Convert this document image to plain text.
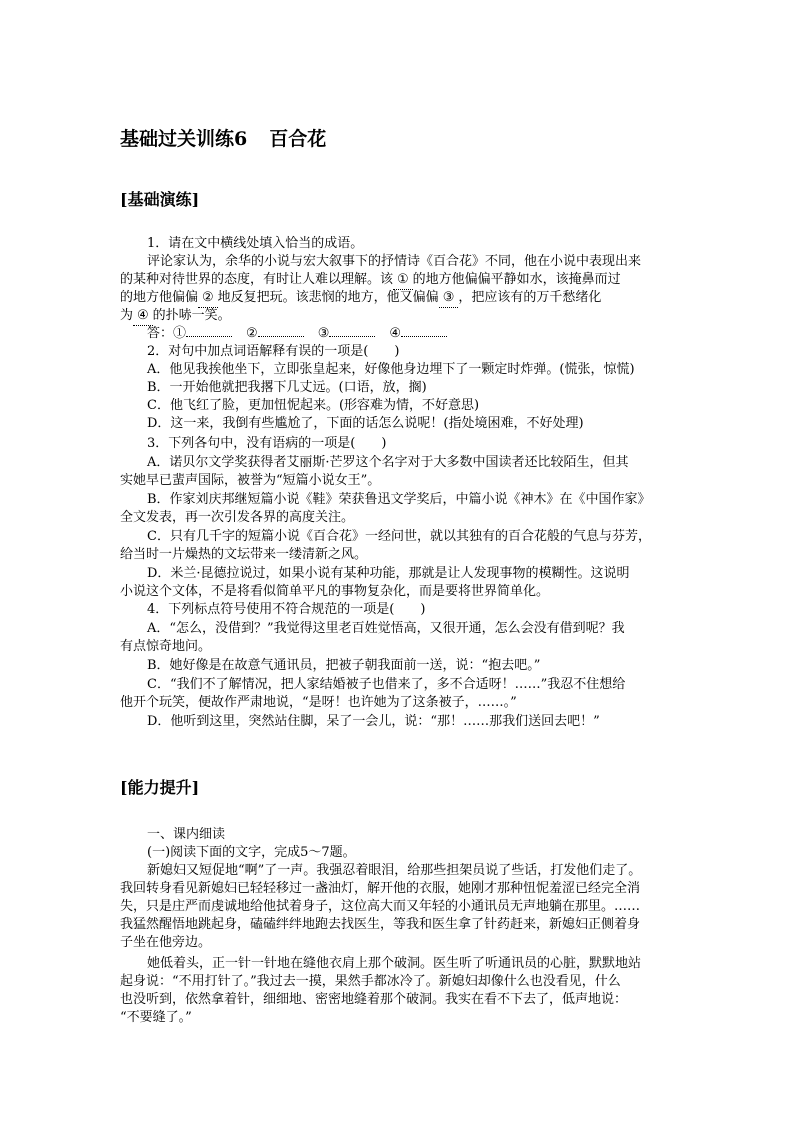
基础过关训练6 百合花
[基础演练]
1．请在文中横线处填入恰当的成语。
评论家认为，余华的小说与宏大叙事下的抒情诗《百合花》不同，他在小说中表现出来
的某种对待世界的态度，有时让人难以理解。该 ① 的地方他偏偏平静如水，该掩鼻而过
的地方他偏偏 ② 地反复把玩。该悲悯的地方，他又偏偏 ③ ，把应该有的万千愁绪化
为 ④ 的扑哧一笑。
答：①	②	③	④
2．对句中加点词语解释有误的一项是(　　)
A．他见我挨他坐下，立即张皇起来，好像他身边埋下了一颗定时炸弹。(慌张，惊慌)
B．一开始他就把我撂下几丈远。(口语，放，搁)
C．他飞红了脸，更加忸怩起来。(形容难为情，不好意思)
D．这一来，我倒有些尴尬了，下面的话怎么说呢！(指处境困难，不好处理)
3．下列各句中，没有语病的一项是(　　)
A．诺贝尔文学奖获得者艾丽斯·芒罗这个名字对于大多数中国读者还比较陌生，但其
实她早已蜚声国际，被誉为“短篇小说女王”。
B．作家刘庆邦继短篇小说《鞋》荣获鲁迅文学奖后，中篇小说《神木》在《中国作家》
全文发表，再一次引发各界的高度关注。
C．只有几千字的短篇小说《百合花》一经问世，就以其独有的百合花般的气息与芬芳，
给当时一片燥热的文坛带来一缕清新之风。
D．米兰·昆德拉说过，如果小说有某种功能，那就是让人发现事物的模糊性。这说明
小说这个文体，不是将看似简单平凡的事物复杂化，而是要将世界简单化。
4．下列标点符号使用不符合规范的一项是(　　)
A．“怎么，没借到？”我觉得这里老百姓觉悟高，又很开通，怎么会没有借到呢？我
有点惊奇地问。
B．她好像是在故意气通讯员，把被子朝我面前一送，说：“抱去吧。”
C．“我们不了解情况，把人家结婚被子也借来了，多不合适呀！……”我忍不住想给
他开个玩笑，便故作严肃地说，“是呀！也许她为了这条被子，……。”
D．他听到这里，突然站住脚，呆了一会儿，说：“那！……那我们送回去吧！”
[能力提升]
一、课内细读
(一)阅读下面的文字，完成5～7题。
新媳妇又短促地“啊”了一声。我强忍着眼泪，给那些担架员说了些话，打发他们走了。
我回转身看见新媳妇已轻轻移过一盏油灯，解开他的衣服，她刚才那种忸怩羞涩已经完全消
失，只是庄严而虔诚地给他拭着身子，这位高大而又年轻的小通讯员无声地躺在那里。……
我猛然醒悟地跳起身，磕磕绊绊地跑去找医生，等我和医生拿了针药赶来，新媳妇正侧着身
子坐在他旁边。
她低着头，正一针一针地在缝他衣肩上那个破洞。医生听了听通讯员的心脏，默默地站
起身说：“不用打针了。”我过去一摸，果然手都冰冷了。新媳妇却像什么也没看见，什么
也没听到，依然拿着针，细细地、密密地缝着那个破洞。我实在看不下去了，低声地说：
“不要缝了。”
